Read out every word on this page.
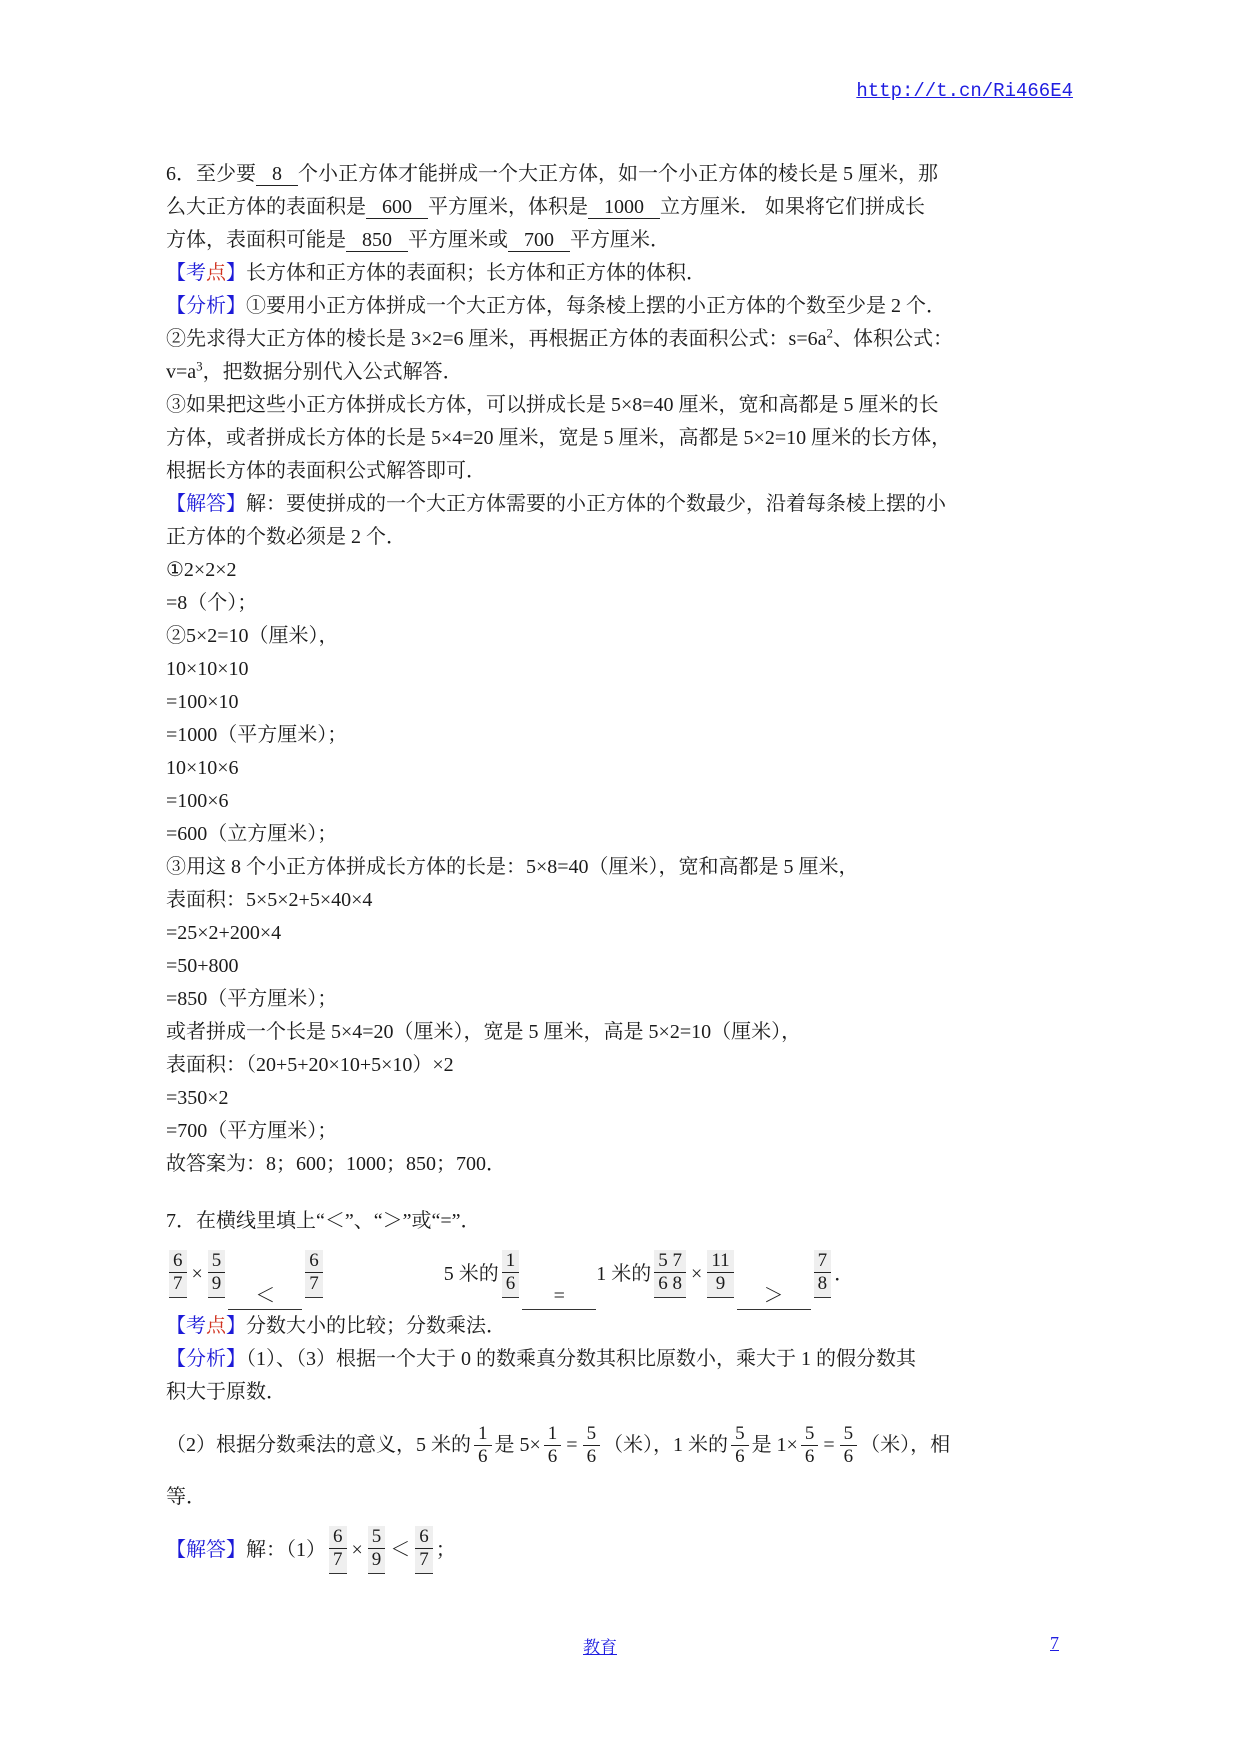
http://t.cn/Ri466E4

6．至少要 8 个小正方体才能拼成一个大正方体，如一个小正方体的棱长是 5 厘米，那

么大正方体的表面积是 600 平方厘米，体积是 1000 立方厘米． 如果将它们拼成长

方体，表面积可能是 850 平方厘米或 700 平方厘米．

【考点】长方体和正方体的表面积；长方体和正方体的体积．

【分析】①要用小正方体拼成一个大正方体，每条棱上摆的小正方体的个数至少是 2 个．

②先求得大正方体的棱长是 3×2=6 厘米，再根据正方体的表面积公式：$s=6a^2$、体积公式：

$v=a^3$，把数据分别代入公式解答．

③如果把这些小正方体拼成长方体，可以拼成长是 5×8=40 厘米，宽和高都是 5 厘米的长

方体，或者拼成长方体的长是 5×4=20 厘米，宽是 5 厘米，高都是 5×2=10 厘米的长方体，

根据长方体的表面积公式解答即可．

【解答】解：要使拼成的一个大正方体需要的小正方体的个数最少，沿着每条棱上摆的小

正方体的个数必须是 2 个．

①2×2×2

=8（个）；

②5×2=10（厘米），

10×10×10

=100×10

=1000（平方厘米）；

10×10×6

=100×6

=600（立方厘米）；

③用这 8 个小正方体拼成长方体的长是：5×8=40（厘米），宽和高都是 5 厘米，

表面积：5×5×2+5×40×4

=25×2+200×4

=50+800

=850（平方厘米）；

或者拼成一个长是 5×4=20（厘米），宽是 5 厘米，高是 5×2=10（厘米），

表面积：（20+5+20×10+5×10）×2

=350×2

=700（平方厘米）；

故答案为：8；600；1000；850；700．

7．在横线里填上“＜”、“＞”或“=”．

$\frac{6}{7} \times \frac{5}{9}$	＜	$\frac{6}{7}$	5 米的 $\frac{1}{6}$	=
1 米的 $\frac{5 7}{6 8} \times \frac{11}{9}$	＞	$\frac{7}{8}$ ．

【考点】分数大小的比较；分数乘法．

【分析】（1）、（3）根据一个大于 0 的数乘真分数其积比原数小，乘大于 1 的假分数其

积大于原数．

（2）根据分数乘法的意义，5 米的 $\frac{1}{6}$ 是 $5\times \frac{1}{6} = \frac{5}{6}$ （米），1 米的 $\frac{5}{6}$ 是 $1\times \frac{5}{6} = \frac{5}{6}$ （米），相

等．

【解答】 解：$(1) \frac{6}{7} \times \frac{5}{9} < \frac{6}{7}$ ；
教育	7
